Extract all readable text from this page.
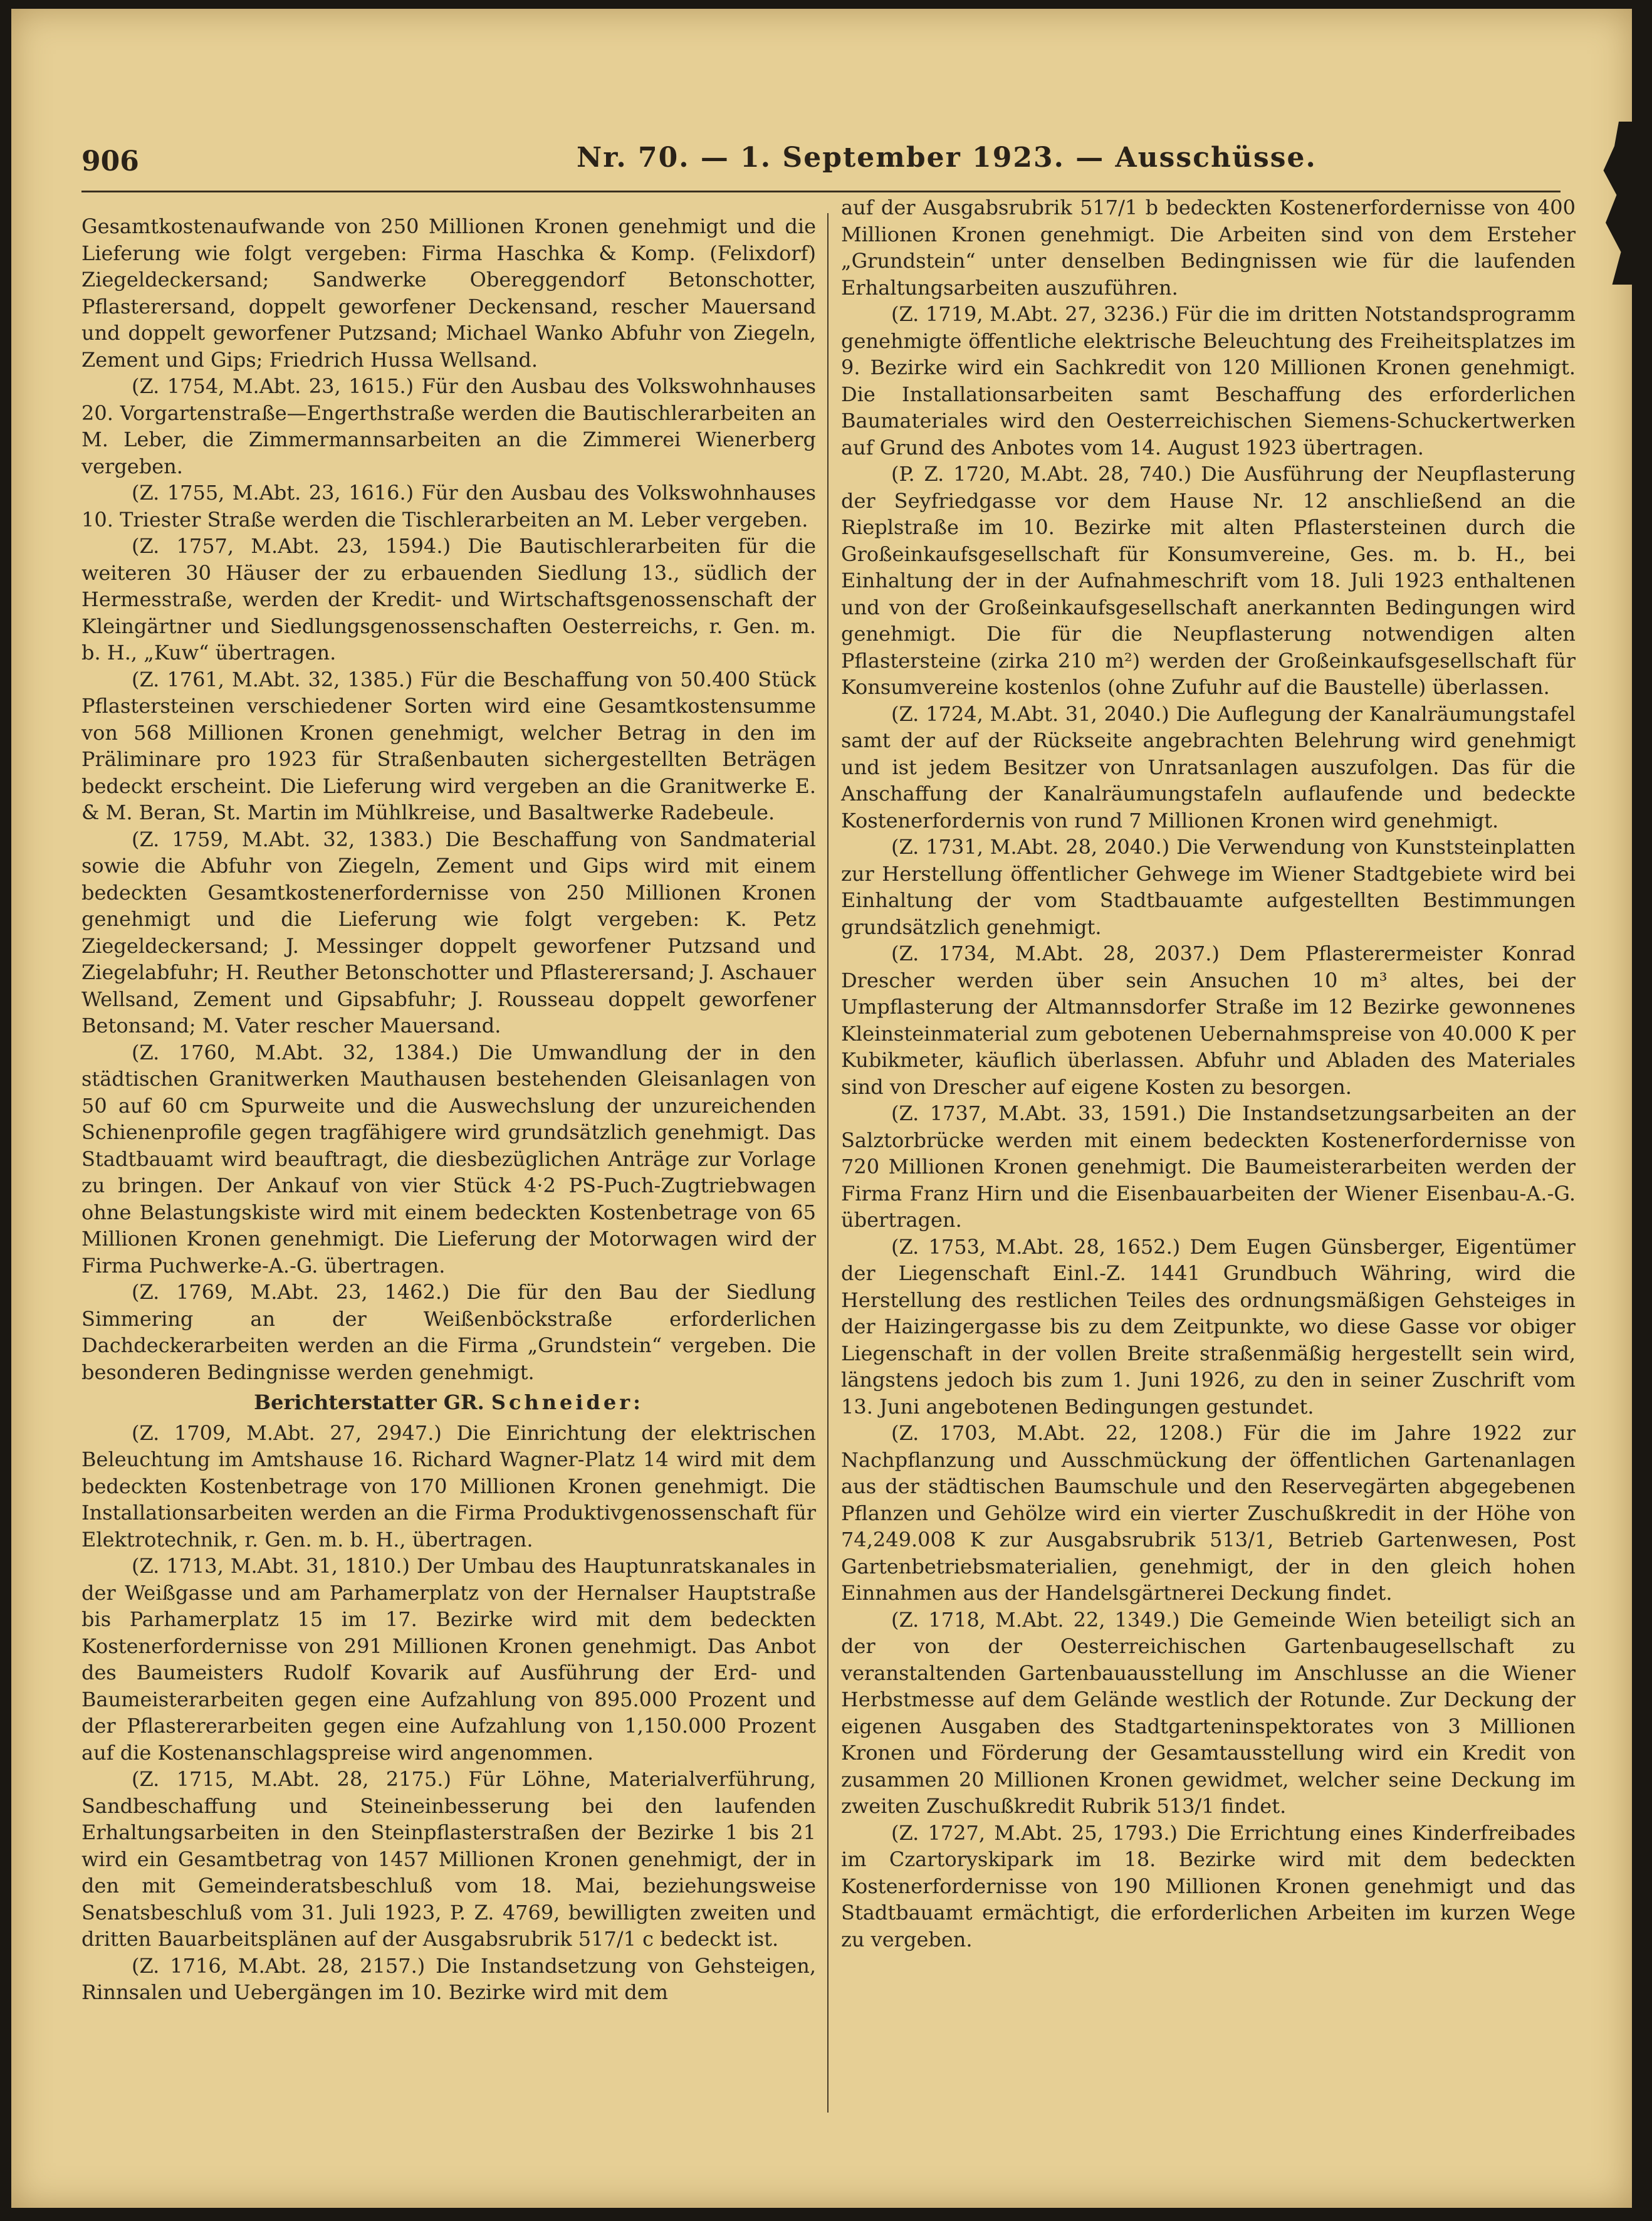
906	Nr. 70. — 1. September 1923. — Ausschüsse.

Gesamtkostenaufwande von 250 Millionen Kronen genehmigt und die Lieferung wie folgt vergeben: Firma Haschka & Komp. (Felixdorf) Ziegeldeckersand; Sandwerke Obereggendorf Betonschotter, Pflasterersand, doppelt geworfener Deckensand, rescher Mauersand und doppelt geworfener Putzsand; Michael Wanko Abfuhr von Ziegeln, Zement und Gips; Friedrich Hussa Wellsand.

(Z. 1754, M.Abt. 23, 1615.) Für den Ausbau des Volkswohnhauses 20. Vorgartenstraße—Engerthstraße werden die Bautischlerarbeiten an M. Leber, die Zimmermannsarbeiten an die Zimmerei Wienerberg vergeben.

(Z. 1755, M.Abt. 23, 1616.) Für den Ausbau des Volkswohnhauses 10. Triester Straße werden die Tischlerarbeiten an M. Leber vergeben.

(Z. 1757, M.Abt. 23, 1594.) Die Bautischlerarbeiten für die weiteren 30 Häuser der zu erbauenden Siedlung 13., südlich der Hermesstraße, werden der Kredit- und Wirtschaftsgenossenschaft der Kleingärtner und Siedlungsgenossenschaften Oesterreichs, r. Gen. m. b. H., „Kuw“ übertragen.

(Z. 1761, M.Abt. 32, 1385.) Für die Beschaffung von 50.400 Stück Pflastersteinen verschiedener Sorten wird eine Gesamtkostensumme von 568 Millionen Kronen genehmigt, welcher Betrag in den im Präliminare pro 1923 für Straßenbauten sichergestellten Beträgen bedeckt erscheint. Die Lieferung wird vergeben an die Granitwerke E. & M. Beran, St. Martin im Mühlkreise, und Basaltwerke Radebeule.

(Z. 1759, M.Abt. 32, 1383.) Die Beschaffung von Sandmaterial sowie die Abfuhr von Ziegeln, Zement und Gips wird mit einem bedeckten Gesamtkostenerfordernisse von 250 Millionen Kronen genehmigt und die Lieferung wie folgt vergeben: K. Petz Ziegeldeckersand; J. Messinger doppelt geworfener Putzsand und Ziegelabfuhr; H. Reuther Betonschotter und Pflasterersand; J. Aschauer Wellsand, Zement und Gipsabfuhr; J. Rousseau doppelt geworfener Betonsand; M. Vater rescher Mauersand.

(Z. 1760, M.Abt. 32, 1384.) Die Umwandlung der in den städtischen Granitwerken Mauthausen bestehenden Gleisanlagen von 50 auf 60 cm Spurweite und die Auswechslung der unzureichenden Schienenprofile gegen tragfähigere wird grundsätzlich genehmigt. Das Stadtbauamt wird beauftragt, die diesbezüglichen Anträge zur Vorlage zu bringen. Der Ankauf von vier Stück 4·2 PS-Puch-Zugtriebwagen ohne Belastungskiste wird mit einem bedeckten Kostenbetrage von 65 Millionen Kronen genehmigt. Die Lieferung der Motorwagen wird der Firma Puchwerke-A.-G. übertragen.

(Z. 1769, M.Abt. 23, 1462.) Die für den Bau der Siedlung Simmering an der Weißenböckstraße erforderlichen Dachdeckerarbeiten werden an die Firma „Grundstein“ vergeben. Die besonderen Bedingnisse werden genehmigt.

Berichterstatter GR. Schneider:

(Z. 1709, M.Abt. 27, 2947.) Die Einrichtung der elektrischen Beleuchtung im Amtshause 16. Richard Wagner-Platz 14 wird mit dem bedeckten Kostenbetrage von 170 Millionen Kronen genehmigt. Die Installationsarbeiten werden an die Firma Produktivgenossenschaft für Elektrotechnik, r. Gen. m. b. H., übertragen.

(Z. 1713, M.Abt. 31, 1810.) Der Umbau des Hauptunratskanales in der Weißgasse und am Parhamerplatz von der Hernalser Hauptstraße bis Parhamerplatz 15 im 17. Bezirke wird mit dem bedeckten Kostenerfordernisse von 291 Millionen Kronen genehmigt. Das Anbot des Baumeisters Rudolf Kovarik auf Ausführung der Erd- und Baumeisterarbeiten gegen eine Aufzahlung von 895.000 Prozent und der Pflastererarbeiten gegen eine Aufzahlung von 1,150.000 Prozent auf die Kostenanschlagspreise wird angenommen.

(Z. 1715, M.Abt. 28, 2175.) Für Löhne, Materialverführung, Sandbeschaffung und Steineinbesserung bei den laufenden Erhaltungsarbeiten in den Steinpflasterstraßen der Bezirke 1 bis 21 wird ein Gesamtbetrag von 1457 Millionen Kronen genehmigt, der in den mit Gemeinderatsbeschluß vom 18. Mai, beziehungsweise Senatsbeschluß vom 31. Juli 1923, P. Z. 4769, bewilligten zweiten und dritten Bauarbeitsplänen auf der Ausgabsrubrik 517/1 c bedeckt ist.

(Z. 1716, M.Abt. 28, 2157.) Die Instandsetzung von Gehsteigen, Rinnsalen und Uebergängen im 10. Bezirke wird mit dem

auf der Ausgabsrubrik 517/1 b bedeckten Kostenerfordernisse von 400 Millionen Kronen genehmigt. Die Arbeiten sind von dem Ersteher „Grundstein“ unter denselben Bedingnissen wie für die laufenden Erhaltungsarbeiten auszuführen.

(Z. 1719, M.Abt. 27, 3236.) Für die im dritten Notstandsprogramm genehmigte öffentliche elektrische Beleuchtung des Freiheitsplatzes im 9. Bezirke wird ein Sachkredit von 120 Millionen Kronen genehmigt. Die Installationsarbeiten samt Beschaffung des erforderlichen Baumateriales wird den Oesterreichischen Siemens-Schuckertwerken auf Grund des Anbotes vom 14. August 1923 übertragen.

(P. Z. 1720, M.Abt. 28, 740.) Die Ausführung der Neupflasterung der Seyfriedgasse vor dem Hause Nr. 12 anschließend an die Rieplstraße im 10. Bezirke mit alten Pflastersteinen durch die Großeinkaufsgesellschaft für Konsumvereine, Ges. m. b. H., bei Einhaltung der in der Aufnahmeschrift vom 18. Juli 1923 enthaltenen und von der Großeinkaufsgesellschaft anerkannten Bedingungen wird genehmigt. Die für die Neupflasterung notwendigen alten Pflastersteine (zirka 210 m²) werden der Großeinkaufsgesellschaft für Konsumvereine kostenlos (ohne Zufuhr auf die Baustelle) überlassen.

(Z. 1724, M.Abt. 31, 2040.) Die Auflegung der Kanalräumungstafel samt der auf der Rückseite angebrachten Belehrung wird genehmigt und ist jedem Besitzer von Unratsanlagen auszufolgen. Das für die Anschaffung der Kanalräumungstafeln auflaufende und bedeckte Kostenerfordernis von rund 7 Millionen Kronen wird genehmigt.

(Z. 1731, M.Abt. 28, 2040.) Die Verwendung von Kunststeinplatten zur Herstellung öffentlicher Gehwege im Wiener Stadtgebiete wird bei Einhaltung der vom Stadtbauamte aufgestellten Bestimmungen grundsätzlich genehmigt.

(Z. 1734, M.Abt. 28, 2037.) Dem Pflasterermeister Konrad Drescher werden über sein Ansuchen 10 m³ altes, bei der Umpflasterung der Altmannsdorfer Straße im 12 Bezirke gewonnenes Kleinsteinmaterial zum gebotenen Uebernahmspreise von 40.000 K per Kubikmeter, käuflich überlassen. Abfuhr und Abladen des Materiales sind von Drescher auf eigene Kosten zu besorgen.

(Z. 1737, M.Abt. 33, 1591.) Die Instandsetzungsarbeiten an der Salztorbrücke werden mit einem bedeckten Kostenerfordernisse von 720 Millionen Kronen genehmigt. Die Baumeisterarbeiten werden der Firma Franz Hirn und die Eisenbauarbeiten der Wiener Eisenbau-A.-G. übertragen.

(Z. 1753, M.Abt. 28, 1652.) Dem Eugen Günsberger, Eigentümer der Liegenschaft Einl.-Z. 1441 Grundbuch Währing, wird die Herstellung des restlichen Teiles des ordnungsmäßigen Gehsteiges in der Haizingergasse bis zu dem Zeitpunkte, wo diese Gasse vor obiger Liegenschaft in der vollen Breite straßenmäßig hergestellt sein wird, längstens jedoch bis zum 1. Juni 1926, zu den in seiner Zuschrift vom 13. Juni angebotenen Bedingungen gestundet.

(Z. 1703, M.Abt. 22, 1208.) Für die im Jahre 1922 zur Nachpflanzung und Ausschmückung der öffentlichen Gartenanlagen aus der städtischen Baumschule und den Reservegärten abgegebenen Pflanzen und Gehölze wird ein vierter Zuschußkredit in der Höhe von 74,249.008 K zur Ausgabsrubrik 513/1, Betrieb Gartenwesen, Post Gartenbetriebsmaterialien, genehmigt, der in den gleich hohen Einnahmen aus der Handelsgärtnerei Deckung findet.

(Z. 1718, M.Abt. 22, 1349.) Die Gemeinde Wien beteiligt sich an der von der Oesterreichischen Gartenbaugesellschaft zu veranstaltenden Gartenbauausstellung im Anschlusse an die Wiener Herbstmesse auf dem Gelände westlich der Rotunde. Zur Deckung der eigenen Ausgaben des Stadtgarteninspektorates von 3 Millionen Kronen und Förderung der Gesamtausstellung wird ein Kredit von zusammen 20 Millionen Kronen gewidmet, welcher seine Deckung im zweiten Zuschußkredit Rubrik 513/1 findet.

(Z. 1727, M.Abt. 25, 1793.) Die Errichtung eines Kinderfreibades im Czartoryskipark im 18. Bezirke wird mit dem bedeckten Kostenerfordernisse von 190 Millionen Kronen genehmigt und das Stadtbauamt ermächtigt, die erforderlichen Arbeiten im kurzen Wege zu vergeben.
